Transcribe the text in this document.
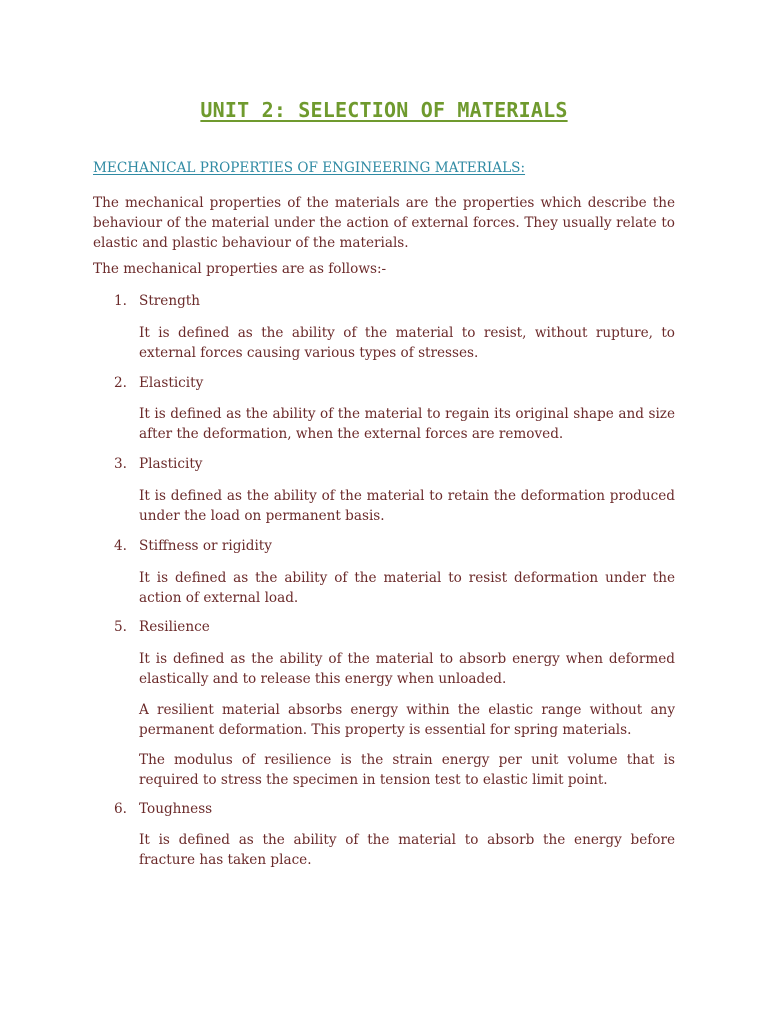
UNIT 2: SELECTION OF MATERIALS
MECHANICAL PROPERTIES OF ENGINEERING MATERIALS:
The mechanical properties of the materials are the properties which describe the behaviour of the material under the action of external forces. They usually relate to elastic and plastic behaviour of the materials.
The mechanical properties are as follows:-
1. Strength
It is defined as the ability of the material to resist, without rupture, to external forces causing various types of stresses.
2. Elasticity
It is defined as the ability of the material to regain its original shape and size after the deformation, when the external forces are removed.
3. Plasticity
It is defined as the ability of the material to retain the deformation produced under the load on permanent basis.
4. Stiffness or rigidity
It is defined as the ability of the material to resist deformation under the action of external load.
5. Resilience
It is defined as the ability of the material to absorb energy when deformed elastically and to release this energy when unloaded.
A resilient material absorbs energy within the elastic range without any permanent deformation. This property is essential for spring materials.
The modulus of resilience is the strain energy per unit volume that is required to stress the specimen in tension test to elastic limit point.
6. Toughness
It is defined as the ability of the material to absorb the energy before fracture has taken place.
